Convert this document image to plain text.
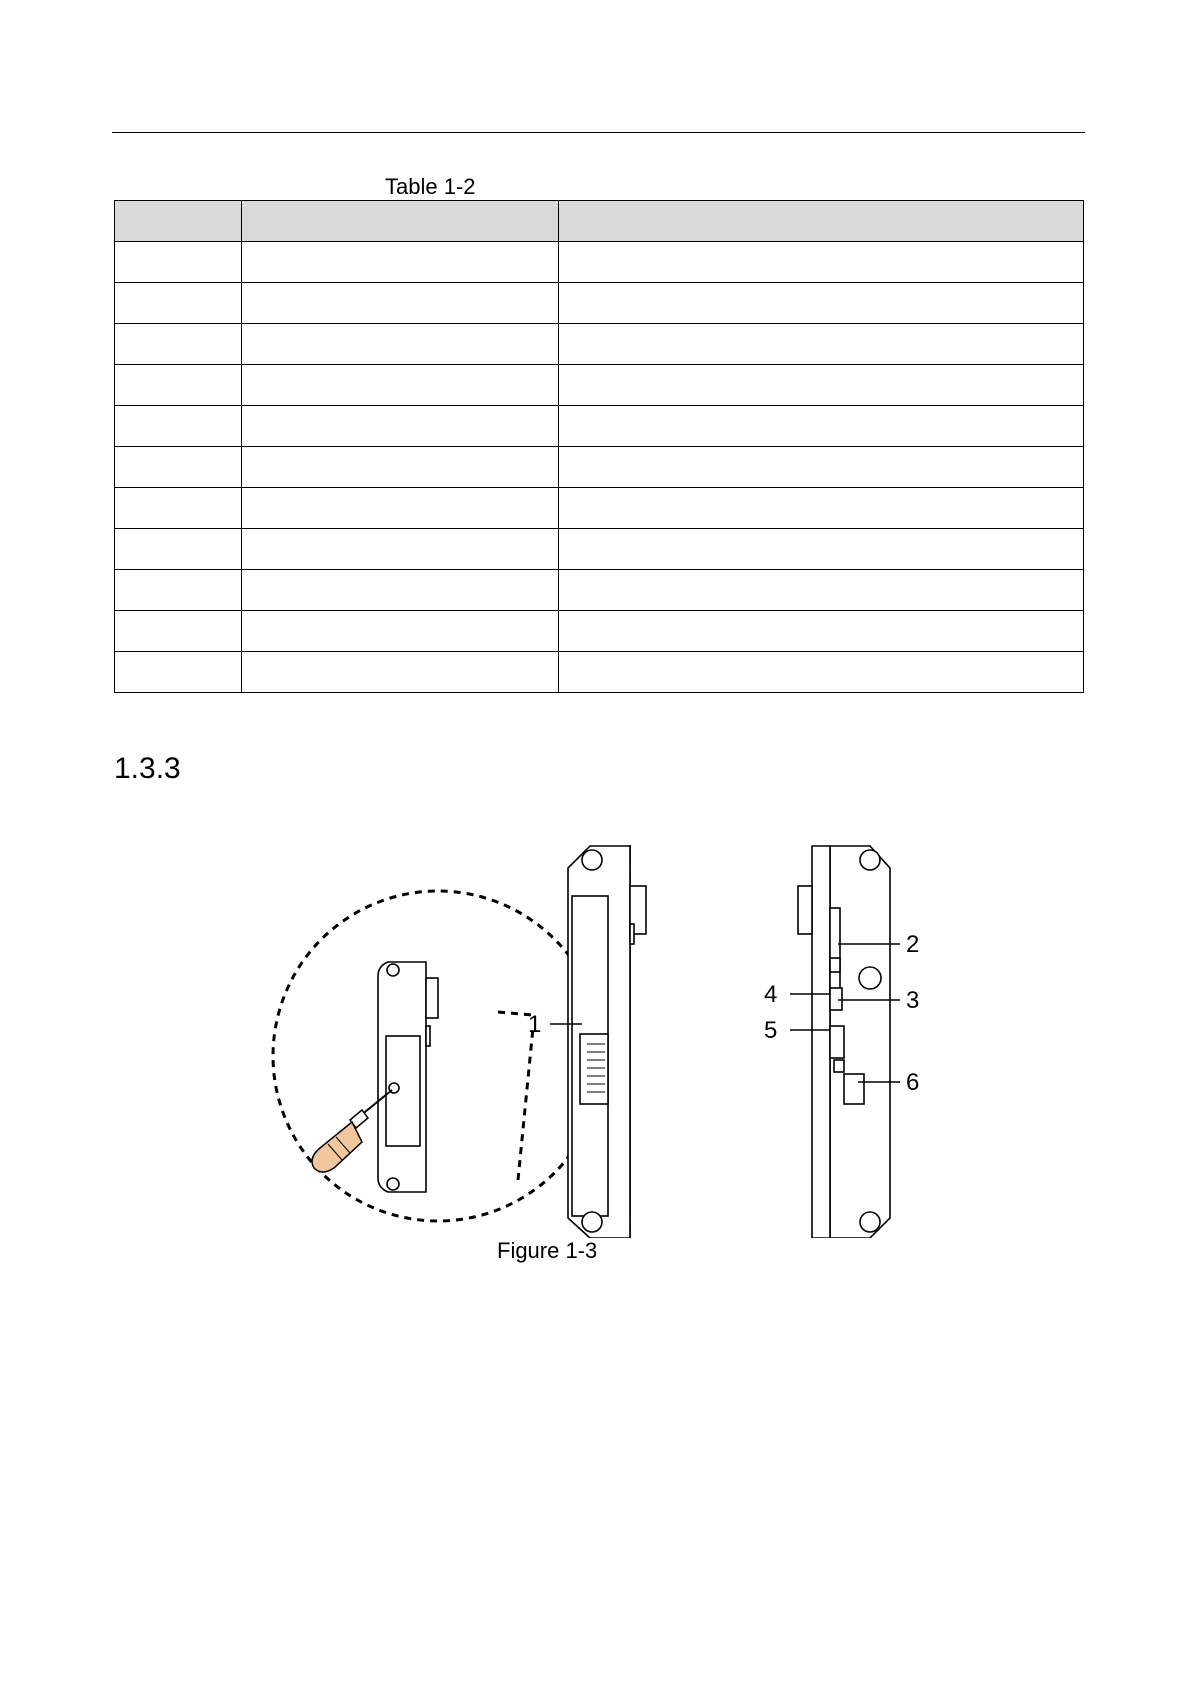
Table 1-2

1.3.3
1
2
3
4
5
6
Figure 1-3
